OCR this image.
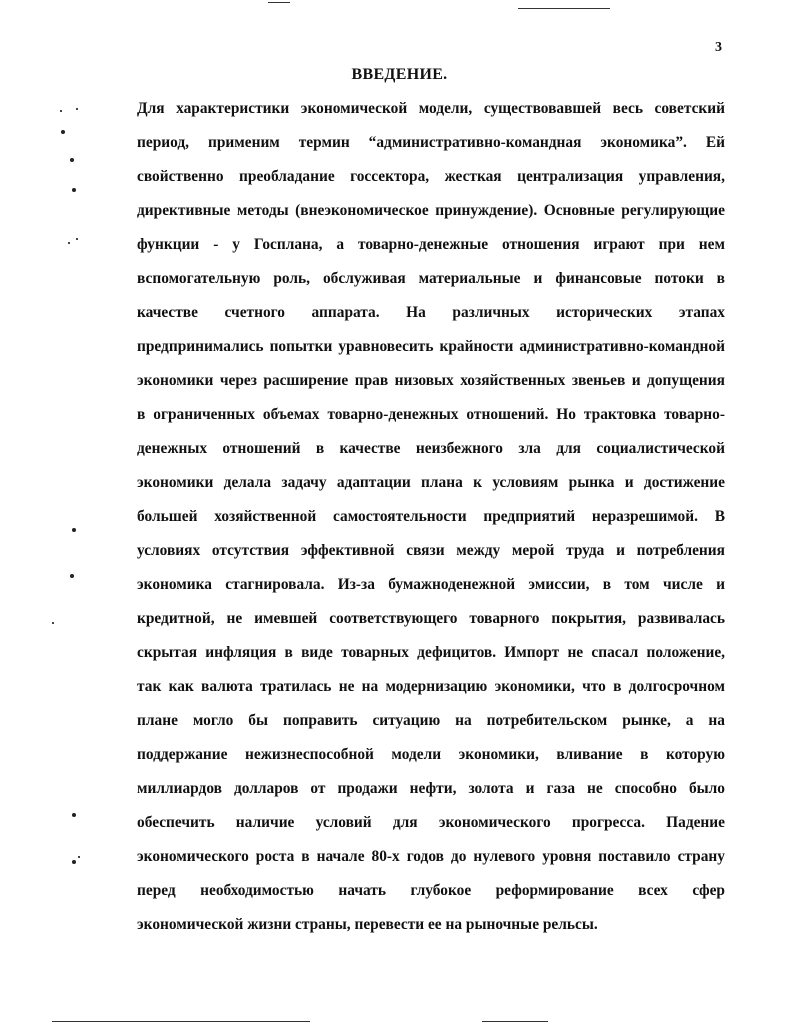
3
ВВЕДЕНИЕ.
Для характеристики экономической модели, существовавшей весь советский
период, применим термин “административно-командная экономика”. Ей
свойственно преобладание госсектора, жесткая централизация управления,
директивные методы (внеэкономическое принуждение). Основные регулирующие
функции - у Госплана, а товарно-денежные отношения играют при нем
вспомогательную роль, обслуживая материальные и финансовые потоки в
качестве счетного аппарата. На различных исторических этапах
предпринимались попытки уравновесить крайности административно-командной
экономики через расширение прав низовых хозяйственных звеньев и допущения
в ограниченных объемах товарно-денежных отношений. Но трактовка товарно-
денежных отношений в качестве неизбежного зла для социалистической
экономики делала задачу адаптации плана к условиям рынка и достижение
большей хозяйственной самостоятельности предприятий неразрешимой. В
условиях отсутствия эффективной связи между мерой труда и потребления
экономика стагнировала. Из-за бумажноденежной эмиссии, в том числе и
кредитной, не имевшей соответствующего товарного покрытия, развивалась
скрытая инфляция в виде товарных дефицитов. Импорт не спасал положение,
так как валюта тратилась не на модернизацию экономики, что в долгосрочном
плане могло бы поправить ситуацию на потребительском рынке, а на
поддержание нежизнеспособной модели экономики, вливание в которую
миллиардов долларов от продажи нефти, золота и газа не способно было
обеспечить наличие условий для экономического прогресса. Падение
экономического роста в начале 80-х годов до нулевого уровня поставило страну
перед необходимостью начать глубокое реформирование всех сфер
экономической жизни страны, перевести ее на рыночные рельсы.
